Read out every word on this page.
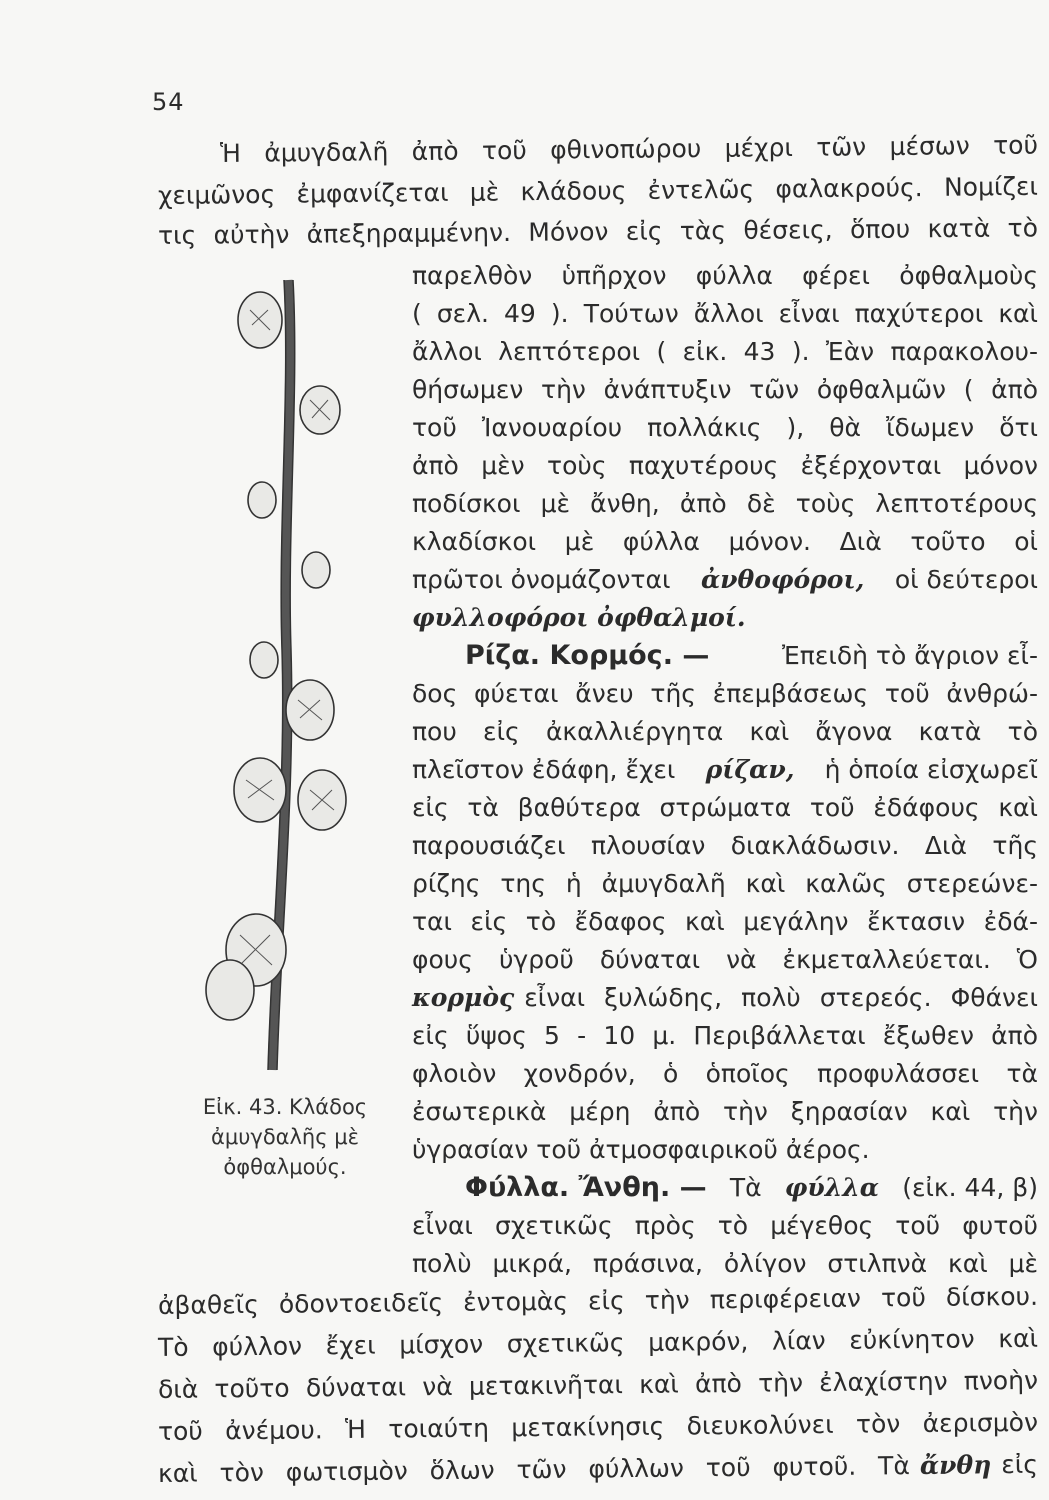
54
Ἡ ἀμυγδαλῆ ἀπὸ τοῦ φθινοπώρου μέχρι τῶν μέσων τοῦ
χειμῶνος ἐμφανίζεται μὲ κλάδους ἐντελῶς φαλακρούς. Νομίζει
τις αὐτὴν ἀπεξηραμμένην. Μόνον εἰς τὰς θέσεις, ὅπου κατὰ τὸ
παρελθὸν ὑπῆρχον φύλλα φέρει ὀφθαλμοὺς
( σελ. 49 ). Τούτων ἄλλοι εἶναι παχύτεροι καὶ
ἄλλοι λεπτότεροι ( εἰκ. 43 ). Ἐὰν παρακολου-
θήσωμεν τὴν ἀνάπτυξιν τῶν ὀφθαλμῶν ( ἀπὸ
τοῦ Ἰανουαρίου πολλάκις ), θὰ ἴδωμεν ὅτι
ἀπὸ μὲν τοὺς παχυτέρους ἐξέρχονται μόνον
ποδίσκοι μὲ ἄνθη, ἀπὸ δὲ τοὺς λεπτοτέρους
κλαδίσκοι μὲ φύλλα μόνον. Διὰ τοῦτο οἱ
πρῶτοι ὀνομάζονται ἀνθοφόροι, οἱ δεύτεροι
φυλλοφόροι ὀφθαλμοί.
Ρίζα. Κορμός. —	Ἐπειδὴ τὸ ἄγριον εἶ-
δος φύεται ἄνευ τῆς ἐπεμβάσεως τοῦ ἀνθρώ-
που εἰς ἀκαλλιέργητα καὶ ἄγονα κατὰ τὸ
πλεῖστον ἐδάφη, ἔχει ρίζαν, ἡ ὁποία εἰσχωρεῖ
εἰς τὰ βαθύτερα στρώματα τοῦ ἐδάφους καὶ
παρουσιάζει πλουσίαν διακλάδωσιν. Διὰ τῆς
ρίζης της ἡ ἀμυγδαλῆ καὶ καλῶς στερεώνε-
ται εἰς τὸ ἔδαφος καὶ μεγάλην ἔκτασιν ἐδά-
φους ὑγροῦ δύναται νὰ ἐκμεταλλεύεται. Ὁ
κορμὸς εἶναι ξυλώδης, πολὺ στερεός. Φθάνει
εἰς ὕψος 5 - 10 μ. Περιβάλλεται ἔξωθεν ἀπὸ
φλοιὸν χονδρόν, ὁ ὁποῖος προφυλάσσει τὰ
ἐσωτερικὰ μέρη ἀπὸ τὴν ξηρασίαν καὶ τὴν
ὑγρασίαν τοῦ ἀτμοσφαιρικοῦ ἀέρος.
Φύλλα. Ἄνθη. — Τὰ φύλλα (εἰκ. 44, β)
εἶναι σχετικῶς πρὸς τὸ μέγεθος τοῦ φυτοῦ
πολὺ μικρά, πράσινα, ὀλίγον στιλπνὰ καὶ μὲ
ἀβαθεῖς ὀδοντοειδεῖς ἐντομὰς εἰς τὴν περιφέρειαν τοῦ δίσκου.
Τὸ φύλλον ἔχει μίσχον σχετικῶς μακρόν, λίαν εὐκίνητον καὶ
διὰ τοῦτο δύναται νὰ μετακινῆται καὶ ἀπὸ τὴν ἐλαχίστην πνοὴν
τοῦ ἀνέμου. Ἡ τοιαύτη μετακίνησις διευκολύνει τὸν ἀερισμὸν
καὶ τὸν φωτισμὸν ὅλων τῶν φύλλων τοῦ φυτοῦ. Τὰ ἄνθη εἰς
Εἰκ. 43. Κλάδος
ἀμυγδαλῆς μὲ
ὀφθαλμούς.
